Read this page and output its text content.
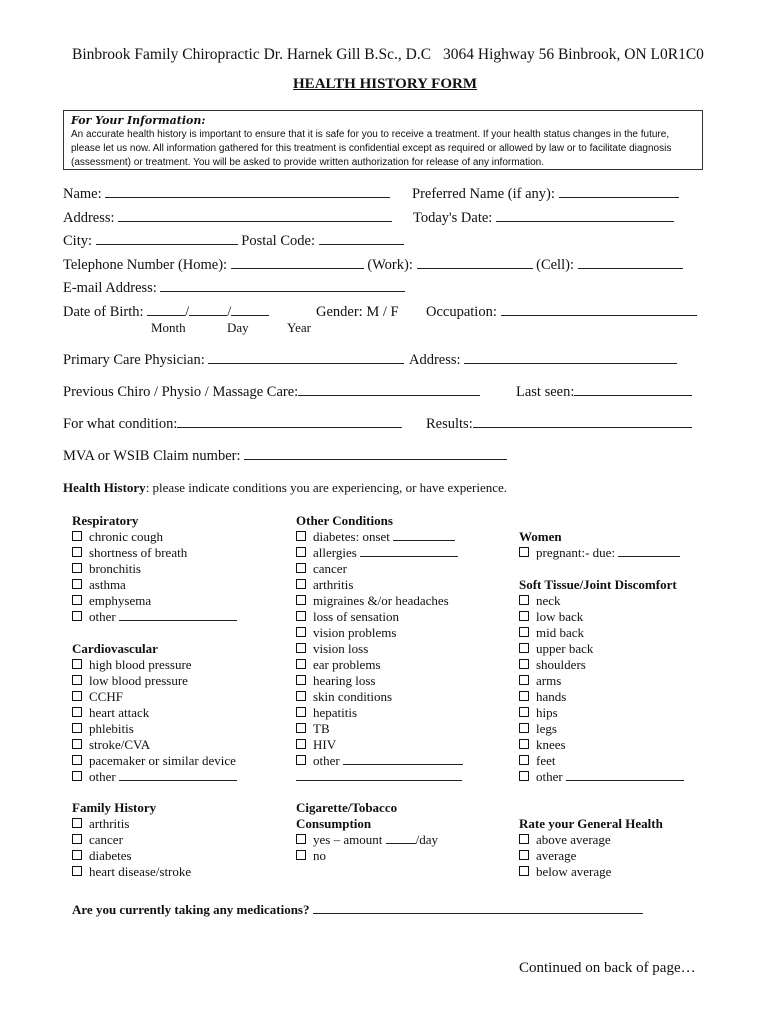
Binbrook Family Chiropractic Dr. Harnek Gill B.Sc., D.C 3064 Highway 56 Binbrook, ON L0R1C0
HEALTH HISTORY FORM
For Your Information:
An accurate health history is important to ensure that it is safe for you to receive a treatment. If your health status changes in the future, please let us now. All information gathered for this treatment is confidential except as required or allowed by law or to facilitate diagnosis (assessment) or treatment. You will be asked to provide written authorization for release of any information.
Name:	Preferred Name (if any):
Address:	Today's Date:
City:	Postal Code:
Telephone Number (Home):	(Work):	(Cell):
E-mail Address:
Date of Birth:	/	/
Month	Day	Year
Gender: M / F Occupation:
Primary Care Physician:	Address:
Previous Chiro / Physio / Massage Care:	Last seen:
For what condition:	Results:
MVA or WSIB Claim number:
Health History: please indicate conditions you are experiencing, or have experience.
Respiratory
chronic cough
shortness of breath
bronchitis
asthma
emphysema
other
Cardiovascular
high blood pressure
low blood pressure
CCHF
heart attack
phlebitis
stroke/CVA
pacemaker or similar device
other
Family History
arthritis
cancer
diabetes
heart disease/stroke
Other Conditions
diabetes: onset
allergies
cancer
arthritis
migraines &/or headaches
loss of sensation
vision problems
vision loss
ear problems
hearing loss
skin conditions
hepatitis
TB
HIV
other
Cigarette/Tobacco
Consumption
yes – amount	/day
no
Women
pregnant:- due:
Soft Tissue/Joint Discomfort
neck
low back
mid back
upper back
shoulders
arms
hands
hips
legs
knees
feet
other
Rate your General Health
above average
average
below average
Are you currently taking any medications?
Continued on back of page…
